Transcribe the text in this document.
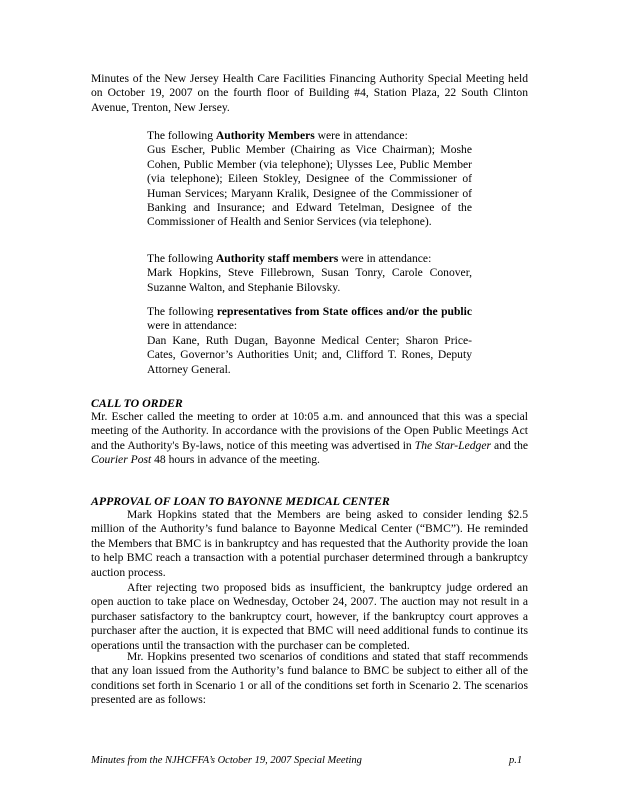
Minutes of the New Jersey Health Care Facilities Financing Authority Special Meeting held on October 19, 2007 on the fourth floor of Building #4, Station Plaza, 22 South Clinton Avenue, Trenton, New Jersey.
The following Authority Members were in attendance:
Gus Escher, Public Member (Chairing as Vice Chairman); Moshe Cohen, Public Member (via telephone); Ulysses Lee, Public Member (via telephone); Eileen Stokley, Designee of the Commissioner of Human Services; Maryann Kralik, Designee of the Commissioner of Banking and Insurance; and Edward Tetelman, Designee of the Commissioner of Health and Senior Services (via telephone).
The following Authority staff members were in attendance:
Mark Hopkins, Steve Fillebrown, Susan Tonry, Carole Conover, Suzanne Walton, and Stephanie Bilovsky.
The following representatives from State offices and/or the public were in attendance:
Dan Kane, Ruth Dugan, Bayonne Medical Center; Sharon Price-Cates, Governor’s Authorities Unit; and, Clifford T. Rones, Deputy Attorney General.
CALL TO ORDER
Mr. Escher called the meeting to order at 10:05 a.m. and announced that this was a special meeting of the Authority. In accordance with the provisions of the Open Public Meetings Act and the Authority's By-laws, notice of this meeting was advertised in The Star-Ledger and the Courier Post 48 hours in advance of the meeting.
APPROVAL OF LOAN TO BAYONNE MEDICAL CENTER
Mark Hopkins stated that the Members are being asked to consider lending $2.5 million of the Authority’s fund balance to Bayonne Medical Center (“BMC”). He reminded the Members that BMC is in bankruptcy and has requested that the Authority provide the loan to help BMC reach a transaction with a potential purchaser determined through a bankruptcy auction process.
After rejecting two proposed bids as insufficient, the bankruptcy judge ordered an open auction to take place on Wednesday, October 24, 2007. The auction may not result in a purchaser satisfactory to the bankruptcy court, however, if the bankruptcy court approves a purchaser after the auction, it is expected that BMC will need additional funds to continue its operations until the transaction with the purchaser can be completed.
Mr. Hopkins presented two scenarios of conditions and stated that staff recommends that any loan issued from the Authority’s fund balance to BMC be subject to either all of the conditions set forth in Scenario 1 or all of the conditions set forth in Scenario 2. The scenarios presented are as follows:
Minutes from the NJHCFFA’s October 19, 2007 Special Meeting	p.1
